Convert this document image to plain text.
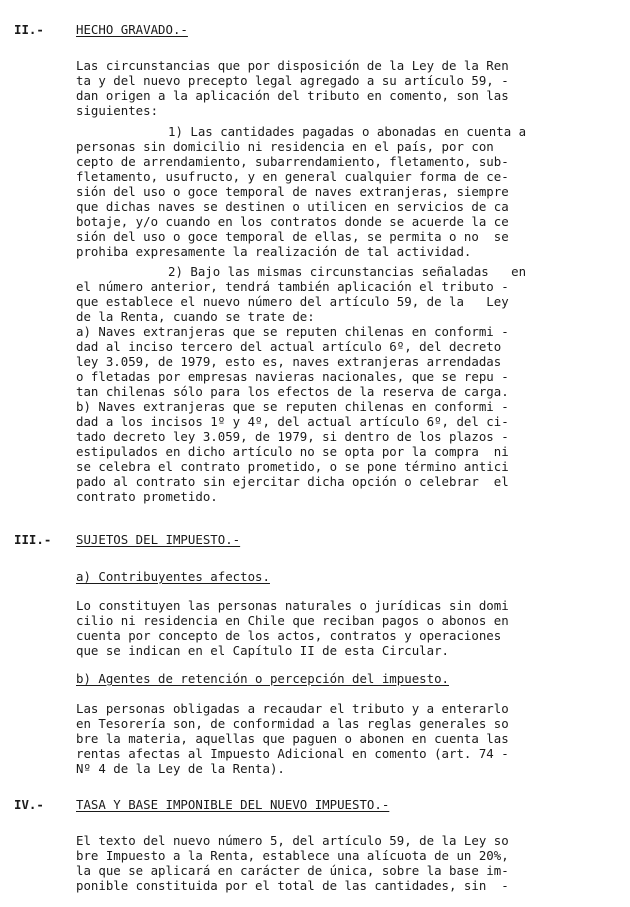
II.-	HECHO GRAVADO.-
Las circunstancias que por disposición de la Ley de la Ren
ta y del nuevo precepto legal agregado a su artículo 59, -
dan origen a la aplicación del tributo en comento, son las
siguientes:
1) Las cantidades pagadas o abonadas en cuenta a
personas sin domicilio ni residencia en el país, por con
cepto de arrendamiento, subarrendamiento, fletamento, sub-
fletamento, usufructo, y en general cualquier forma de ce-
sión del uso o goce temporal de naves extranjeras, siempre
que dichas naves se destinen o utilicen en servicios de ca
botaje, y/o cuando en los contratos donde se acuerde la ce
sión del uso o goce temporal de ellas, se permita o no  se
prohiba expresamente la realización de tal actividad.
2) Bajo las mismas circunstancias señaladas   en
el número anterior, tendrá también aplicación el tributo -
que establece el nuevo número del artículo 59, de la   Ley
de la Renta, cuando se trate de:
a) Naves extranjeras que se reputen chilenas en conformi -
dad al inciso tercero del actual artículo 6º, del decreto
ley 3.059, de 1979, esto es, naves extranjeras arrendadas
o fletadas por empresas navieras nacionales, que se repu -
tan chilenas sólo para los efectos de la reserva de carga.
b) Naves extranjeras que se reputen chilenas en conformi -
dad a los incisos 1º y 4º, del actual artículo 6º, del ci-
tado decreto ley 3.059, de 1979, si dentro de los plazos -
estipulados en dicho artículo no se opta por la compra  ni
se celebra el contrato prometido, o se pone término antici
pado al contrato sin ejercitar dicha opción o celebrar  el
contrato prometido.
III.- SUJETOS DEL IMPUESTO.-
a) Contribuyentes afectos.
Lo constituyen las personas naturales o jurídicas sin domi
cilio ni residencia en Chile que reciban pagos o abonos en
cuenta por concepto de los actos, contratos y operaciones
que se indican en el Capítulo II de esta Circular.
b) Agentes de retención o percepción del impuesto.
Las personas obligadas a recaudar el tributo y a enterarlo
en Tesorería son, de conformidad a las reglas generales so
bre la materia, aquellas que paguen o abonen en cuenta las
rentas afectas al Impuesto Adicional en comento (art. 74 -
Nº 4 de la Ley de la Renta).
IV.-	TASA Y BASE IMPONIBLE DEL NUEVO IMPUESTO.-
El texto del nuevo número 5, del artículo 59, de la Ley so
bre Impuesto a la Renta, establece una alícuota de un 20%,
la que se aplicará en carácter de única, sobre la base im-
ponible constituida por el total de las cantidades, sin  -
